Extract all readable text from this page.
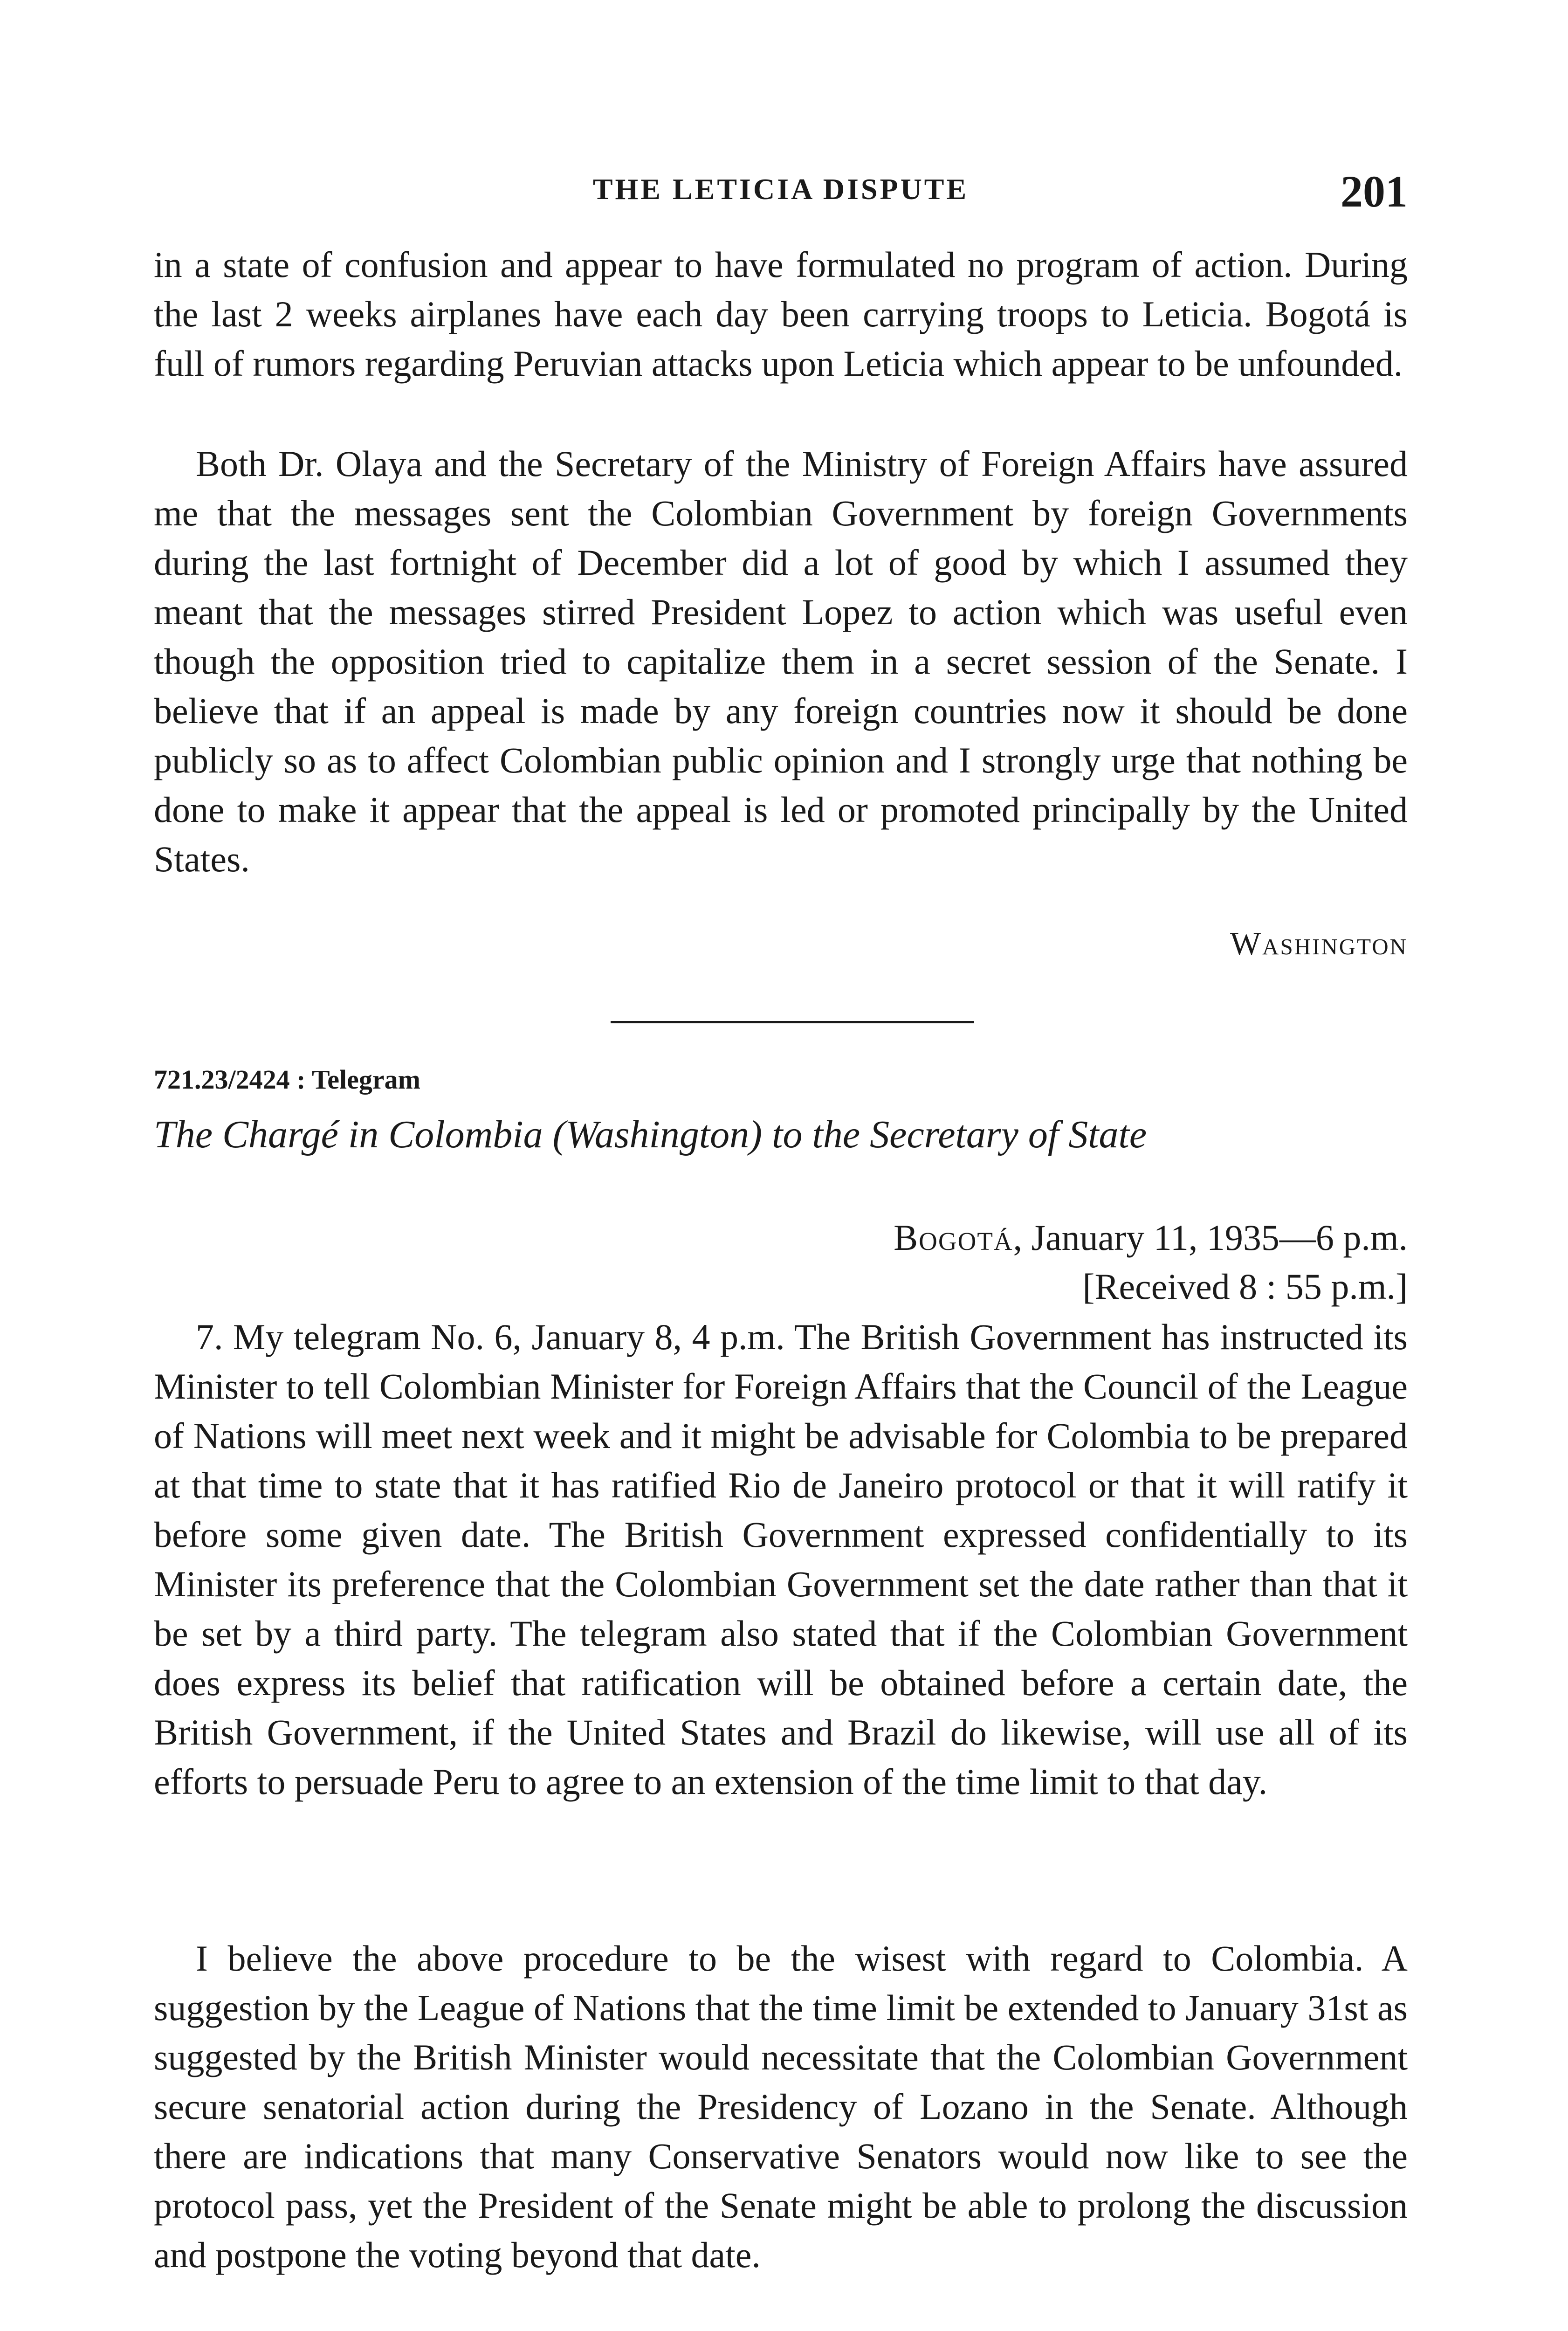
THE LETICIA DISPUTE	201

in a state of confusion and appear to have formulated no program of action. During the last 2 weeks airplanes have each day been carrying troops to Leticia. Bogotá is full of rumors regarding Peruvian attacks upon Leticia which appear to be unfounded.

Both Dr. Olaya and the Secretary of the Ministry of Foreign Affairs have assured me that the messages sent the Colombian Government by foreign Governments during the last fortnight of December did a lot of good by which I assumed they meant that the messages stirred President Lopez to action which was useful even though the opposition tried to capitalize them in a secret session of the Senate. I believe that if an appeal is made by any foreign countries now it should be done publicly so as to affect Colombian public opinion and I strongly urge that nothing be done to make it appear that the appeal is led or promoted principally by the United States.

Washington
721.23/2424 : Telegram
The Chargé in Colombia (Washington) to the Secretary of State
Bogotá, January 11, 1935—6 p.m.
[Received 8 : 55 p.m.]

7. My telegram No. 6, January 8, 4 p.m. The British Government has instructed its Minister to tell Colombian Minister for Foreign Affairs that the Council of the League of Nations will meet next week and it might be advisable for Colombia to be prepared at that time to state that it has ratified Rio de Janeiro protocol or that it will ratify it before some given date. The British Government expressed confidentially to its Minister its preference that the Colombian Government set the date rather than that it be set by a third party. The telegram also stated that if the Colombian Government does express its belief that ratification will be obtained before a certain date, the British Government, if the United States and Brazil do likewise, will use all of its efforts to persuade Peru to agree to an extension of the time limit to that day.

I believe the above procedure to be the wisest with regard to Colombia. A suggestion by the League of Nations that the time limit be extended to January 31st as suggested by the British Minister would necessitate that the Colombian Government secure senatorial action during the Presidency of Lozano in the Senate. Although there are indications that many Conservative Senators would now like to see the protocol pass, yet the President of the Senate might be able to prolong the discussion and postpone the voting beyond that date.
